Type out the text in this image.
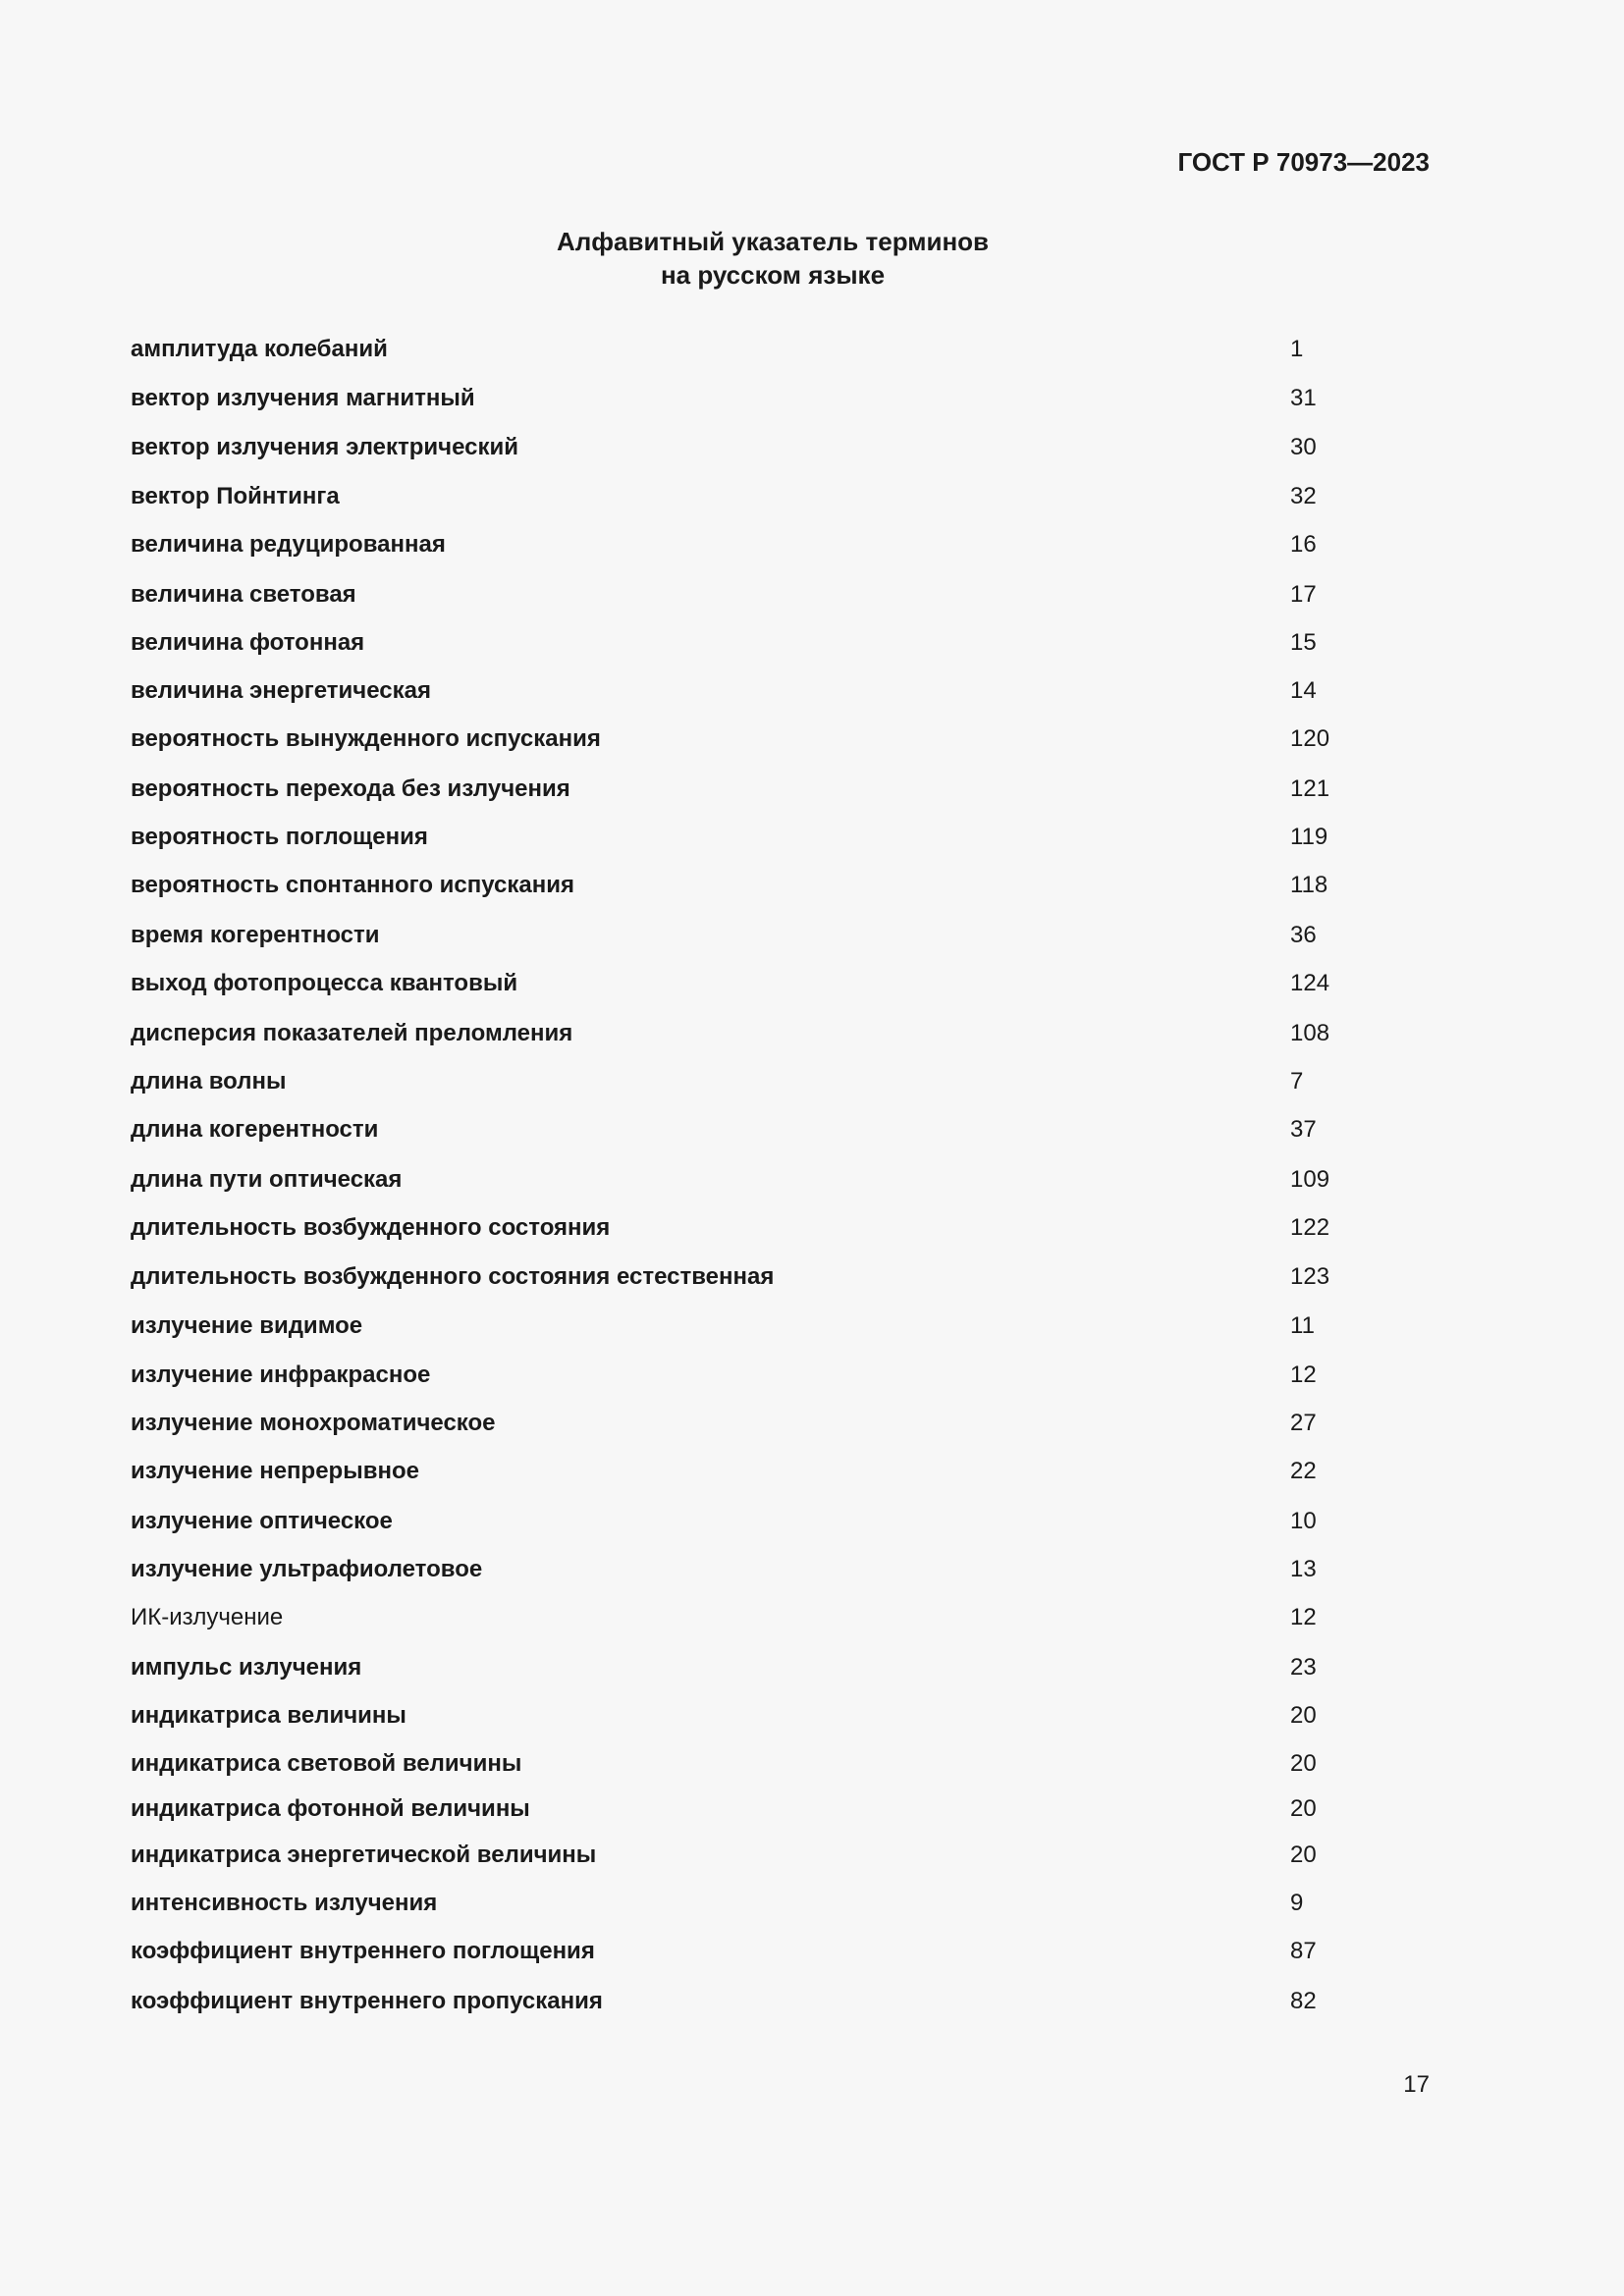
ГОСТ Р 70973—2023
Алфавитный указатель терминов
на русском языке
амплитуда колебаний	1
вектор излучения магнитный	31
вектор излучения электрический	30
вектор Пойнтинга	32
величина редуцированная	16
величина световая	17
величина фотонная	15
величина энергетическая	14
вероятность вынужденного испускания	120
вероятность перехода без излучения	121
вероятность поглощения	119
вероятность спонтанного испускания	118
время когерентности	36
выход фотопроцесса квантовый	124
дисперсия показателей преломления	108
длина волны	7
длина когерентности	37
длина пути оптическая	109
длительность возбужденного состояния	122
длительность возбужденного состояния естественная	123
излучение видимое	11
излучение инфракрасное	12
излучение монохроматическое	27
излучение непрерывное	22
излучение оптическое	10
излучение ультрафиолетовое	13
ИК-излучение	12
импульс излучения	23
индикатриса величины	20
индикатриса световой величины	20
индикатриса фотонной величины	20
индикатриса энергетической величины	20
интенсивность излучения	9
коэффициент внутреннего поглощения	87
коэффициент внутреннего пропускания	82
17
